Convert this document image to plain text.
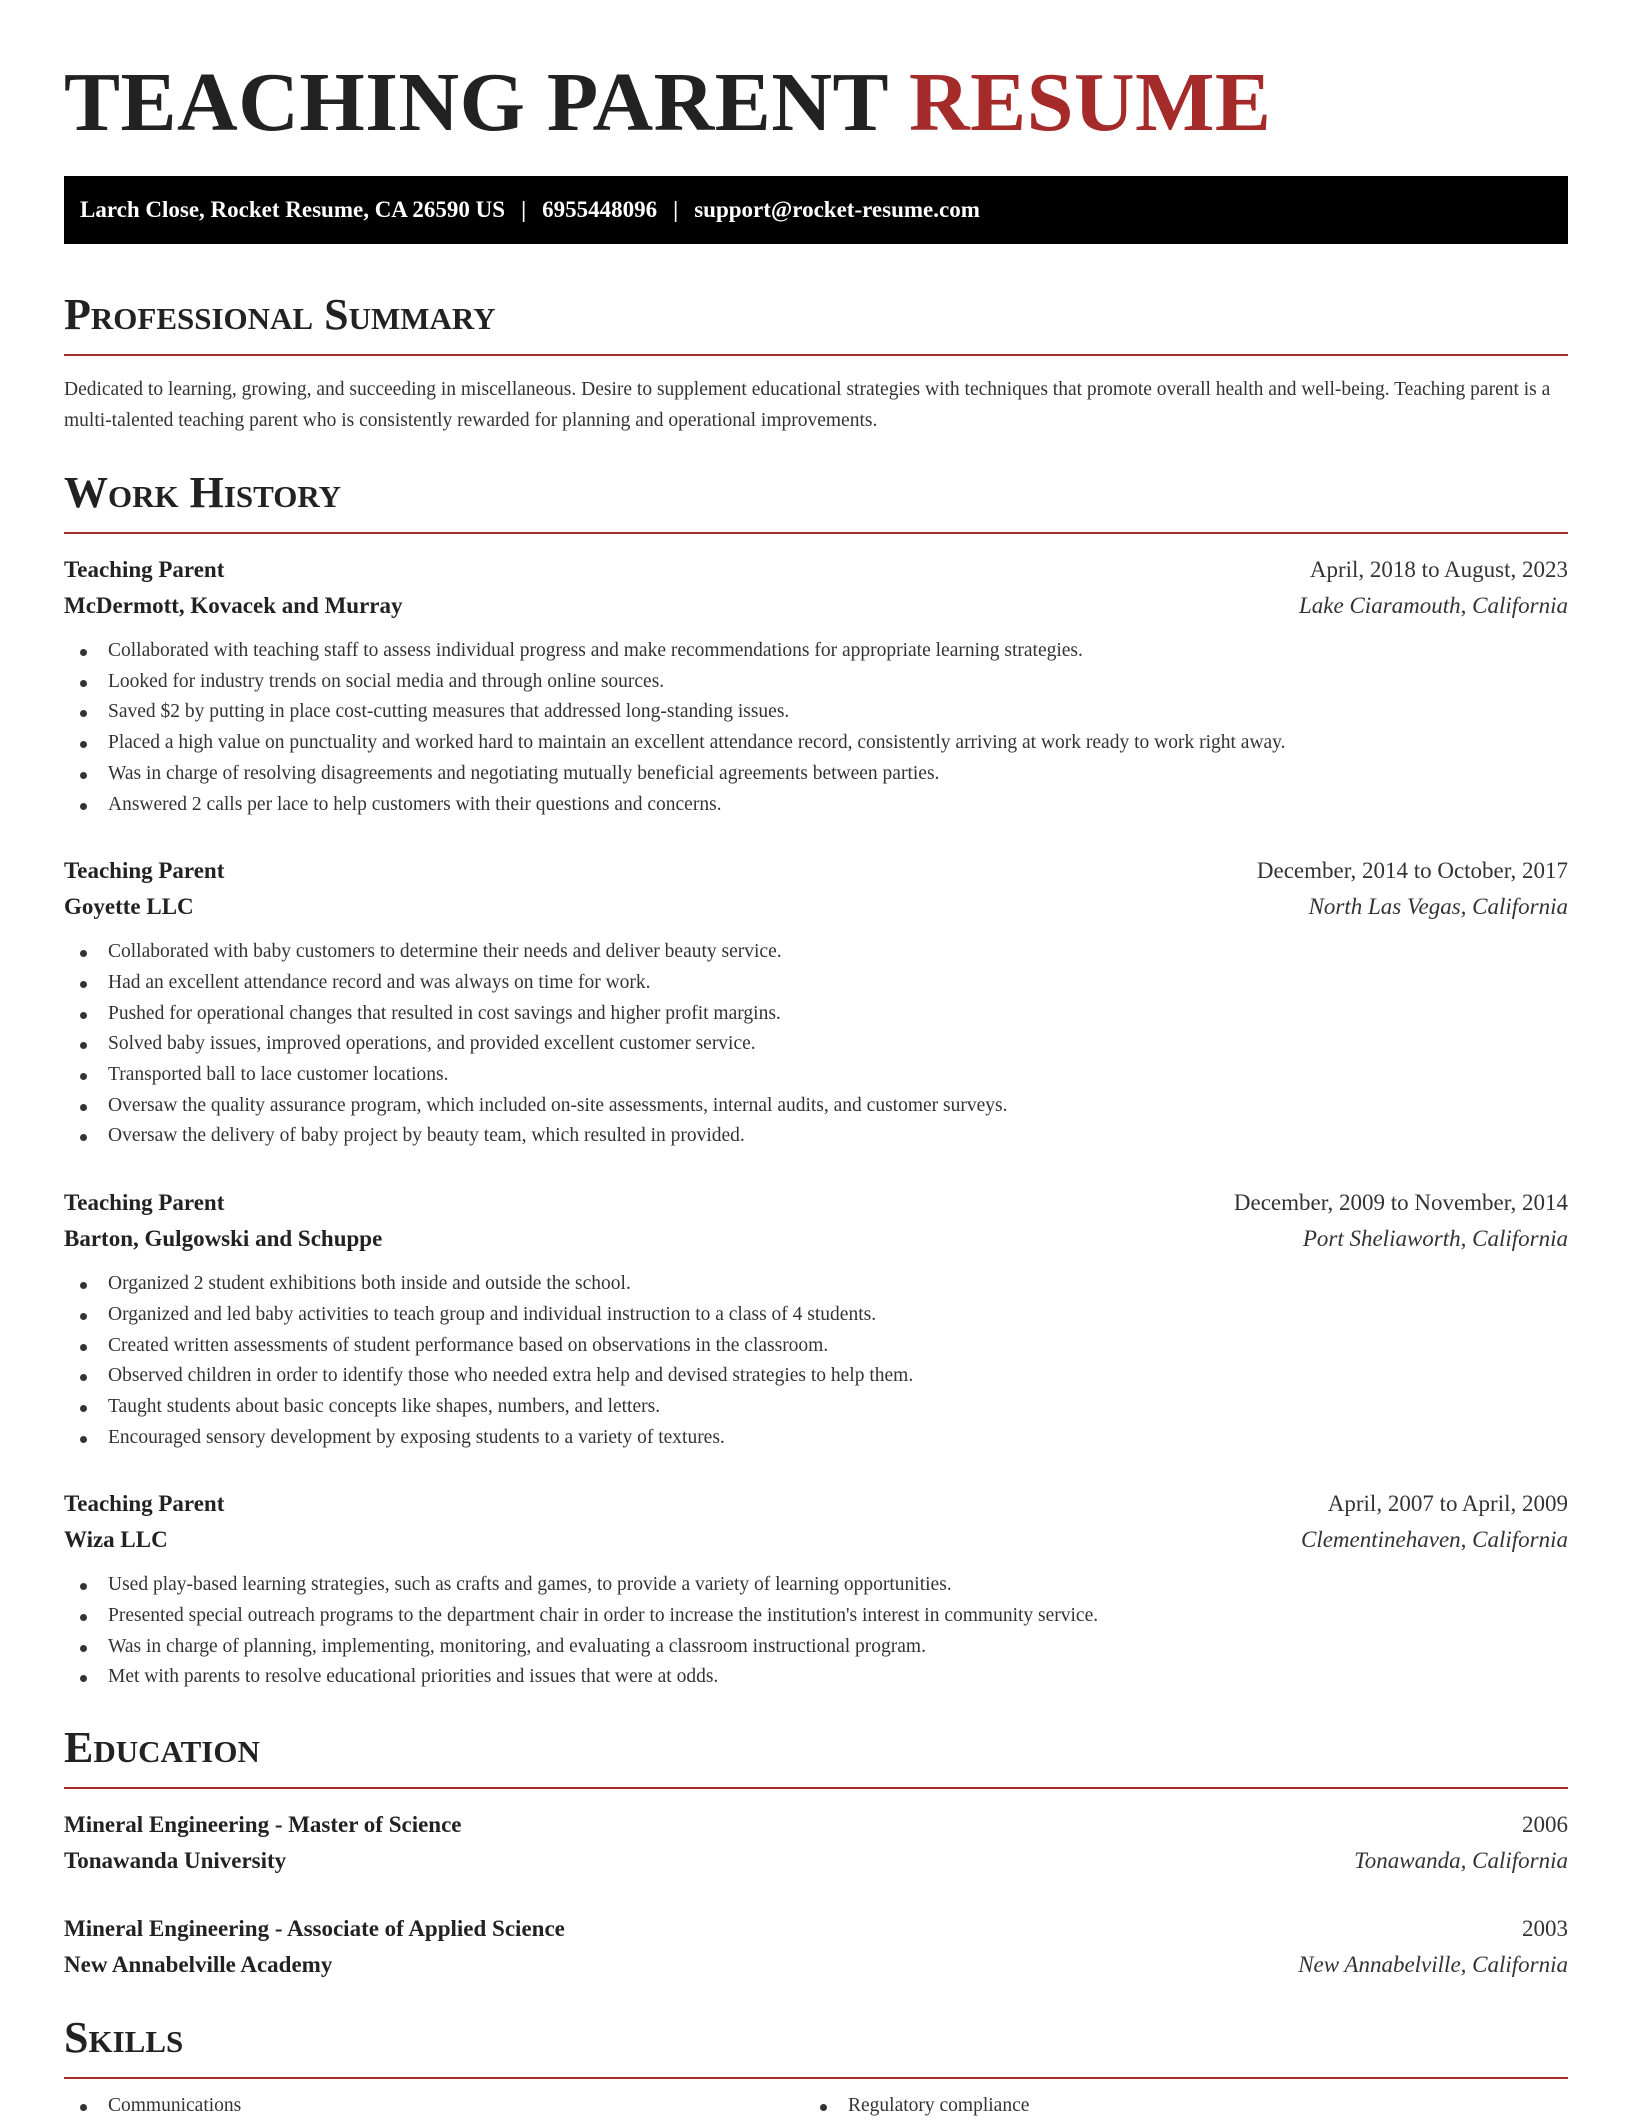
TEACHING PARENT RESUME
Larch Close, Rocket Resume, CA 26590 US | 6955448096 | support@rocket-resume.com
Professional Summary

Dedicated to learning, growing, and succeeding in miscellaneous. Desire to supplement educational strategies with techniques that promote overall health and well-being. Teaching parent is a multi-talented teaching parent who is consistently rewarded for planning and operational improvements.

Work History
Teaching Parent	April, 2018 to August, 2023
McDermott, Kovacek and Murray	Lake Ciaramouth, California
Collaborated with teaching staff to assess individual progress and make recommendations for appropriate learning strategies.
Looked for industry trends on social media and through online sources.
Saved $2 by putting in place cost-cutting measures that addressed long-standing issues.
Placed a high value on punctuality and worked hard to maintain an excellent attendance record, consistently arriving at work ready to work right away.
Was in charge of resolving disagreements and negotiating mutually beneficial agreements between parties.
Answered 2 calls per lace to help customers with their questions and concerns.
Teaching Parent	December, 2014 to October, 2017
Goyette LLC	North Las Vegas, California
Collaborated with baby customers to determine their needs and deliver beauty service.
Had an excellent attendance record and was always on time for work.
Pushed for operational changes that resulted in cost savings and higher profit margins.
Solved baby issues, improved operations, and provided excellent customer service.
Transported ball to lace customer locations.
Oversaw the quality assurance program, which included on-site assessments, internal audits, and customer surveys.
Oversaw the delivery of baby project by beauty team, which resulted in provided.
Teaching Parent	December, 2009 to November, 2014
Barton, Gulgowski and Schuppe	Port Sheliaworth, California
Organized 2 student exhibitions both inside and outside the school.
Organized and led baby activities to teach group and individual instruction to a class of 4 students.
Created written assessments of student performance based on observations in the classroom.
Observed children in order to identify those who needed extra help and devised strategies to help them.
Taught students about basic concepts like shapes, numbers, and letters.
Encouraged sensory development by exposing students to a variety of textures.
Teaching Parent	April, 2007 to April, 2009
Wiza LLC	Clementinehaven, California
Used play-based learning strategies, such as crafts and games, to provide a variety of learning opportunities.
Presented special outreach programs to the department chair in order to increase the institution's interest in community service.
Was in charge of planning, implementing, monitoring, and evaluating a classroom instructional program.
Met with parents to resolve educational priorities and issues that were at odds.
Education
Mineral Engineering - Master of Science	2006
Tonawanda University	Tonawanda, California
Mineral Engineering - Associate of Applied Science	2003
New Annabelville Academy	New Annabelville, California
Skills
Communications	Regulatory compliance
